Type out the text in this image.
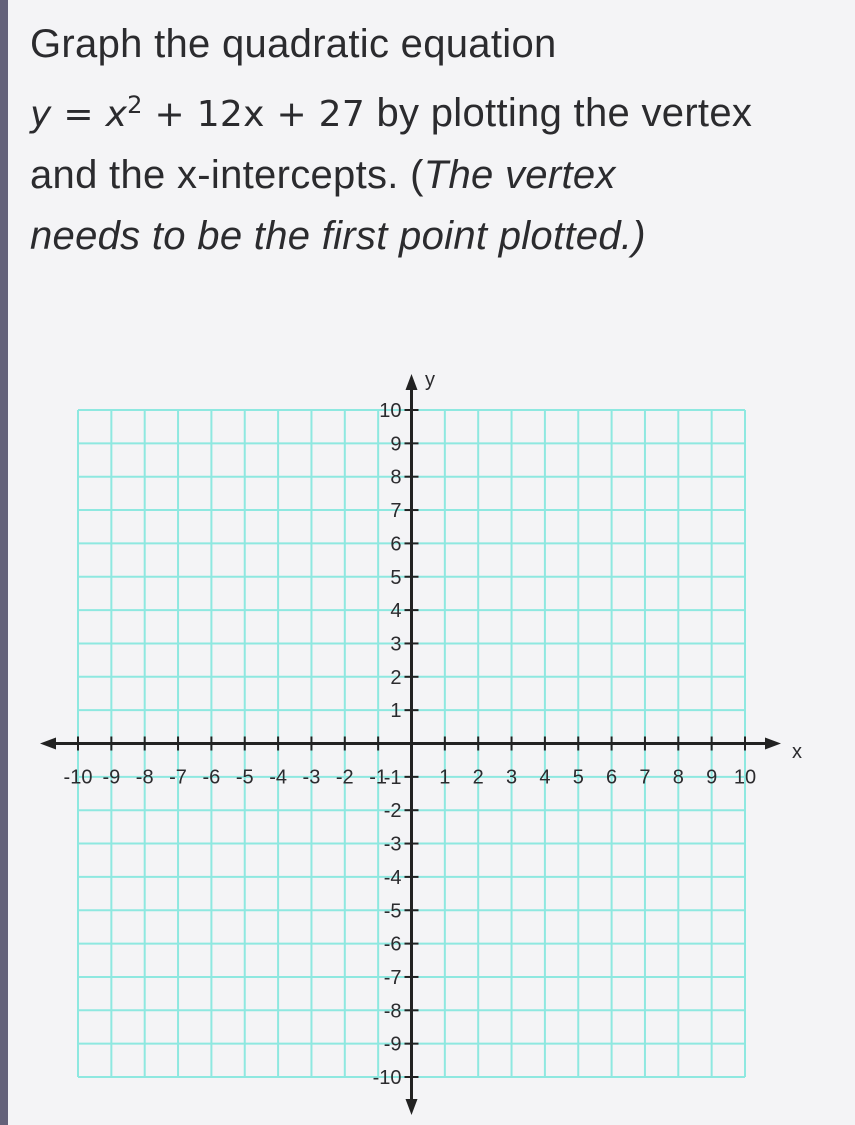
Graph the quadratic equation
$y = x^2 + 12x + 27$ by plotting the vertex
and the x-intercepts. (The vertex
needs to be the first point plotted.)
-10
-10
-9
-9
-8
-8
-7
-7
-6
-6
-5
-5
-4
-4
-3
-3
-2
-2
-1
-1 1
1
2
2
3
3
4
4
5
5
6
6
7
7
8
8
9
9
10
10
y
x
